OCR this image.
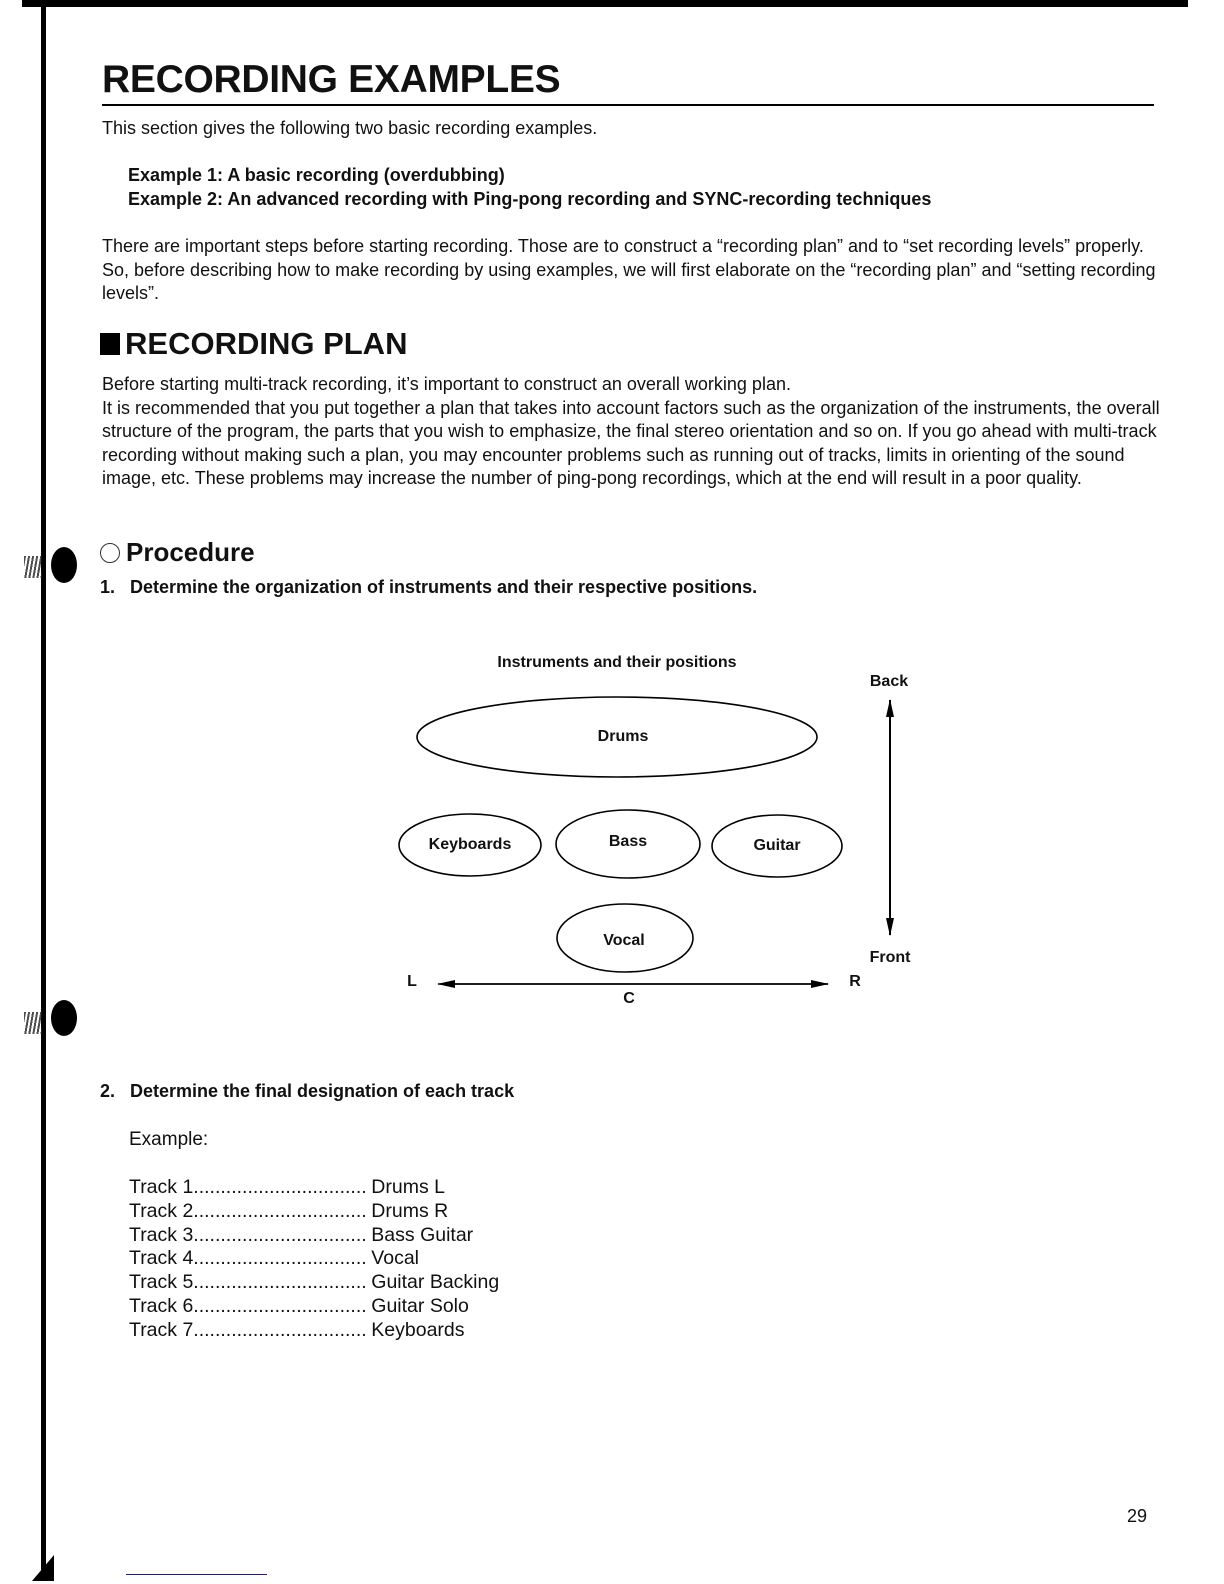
RECORDING EXAMPLES

This section gives the following two basic recording examples.

Example 1: A basic recording (overdubbing)
Example 2: An advanced recording with Ping-pong recording and SYNC-recording techniques

There are important steps before starting recording. Those are to construct a “recording plan” and to “set recording levels” properly. So, before describing how to make recording by using examples, we will first elaborate on the “recording plan” and “setting recording levels”.

RECORDING PLAN
Before starting multi-track recording, it’s important to construct an overall working plan.
It is recommended that you put together a plan that takes into account factors such as the organization of the instruments, the overall structure of the program, the parts that you wish to emphasize, the final stereo orientation and so on. If you go ahead with multi-track recording without making such a plan, you may encounter problems such as running out of tracks, limits in orienting of the sound image, etc. These problems may increase the number of ping-pong recordings, which at the end will result in a poor quality.
Procedure
1. Determine the organization of instruments and their respective positions.
Instruments and their positions
Drums
Keyboards	Bass	Guitar
Vocal
Back
Front
L
C
R
2. Determine the final designation of each track
Example:
Track 1 ................................ Drums L
Track 2 ................................ Drums R
Track 3 ................................ Bass Guitar
Track 4 ................................ Vocal
Track 5 ................................ Guitar Backing
Track 6 ................................ Guitar Solo
Track 7 ................................ Keyboards
29
